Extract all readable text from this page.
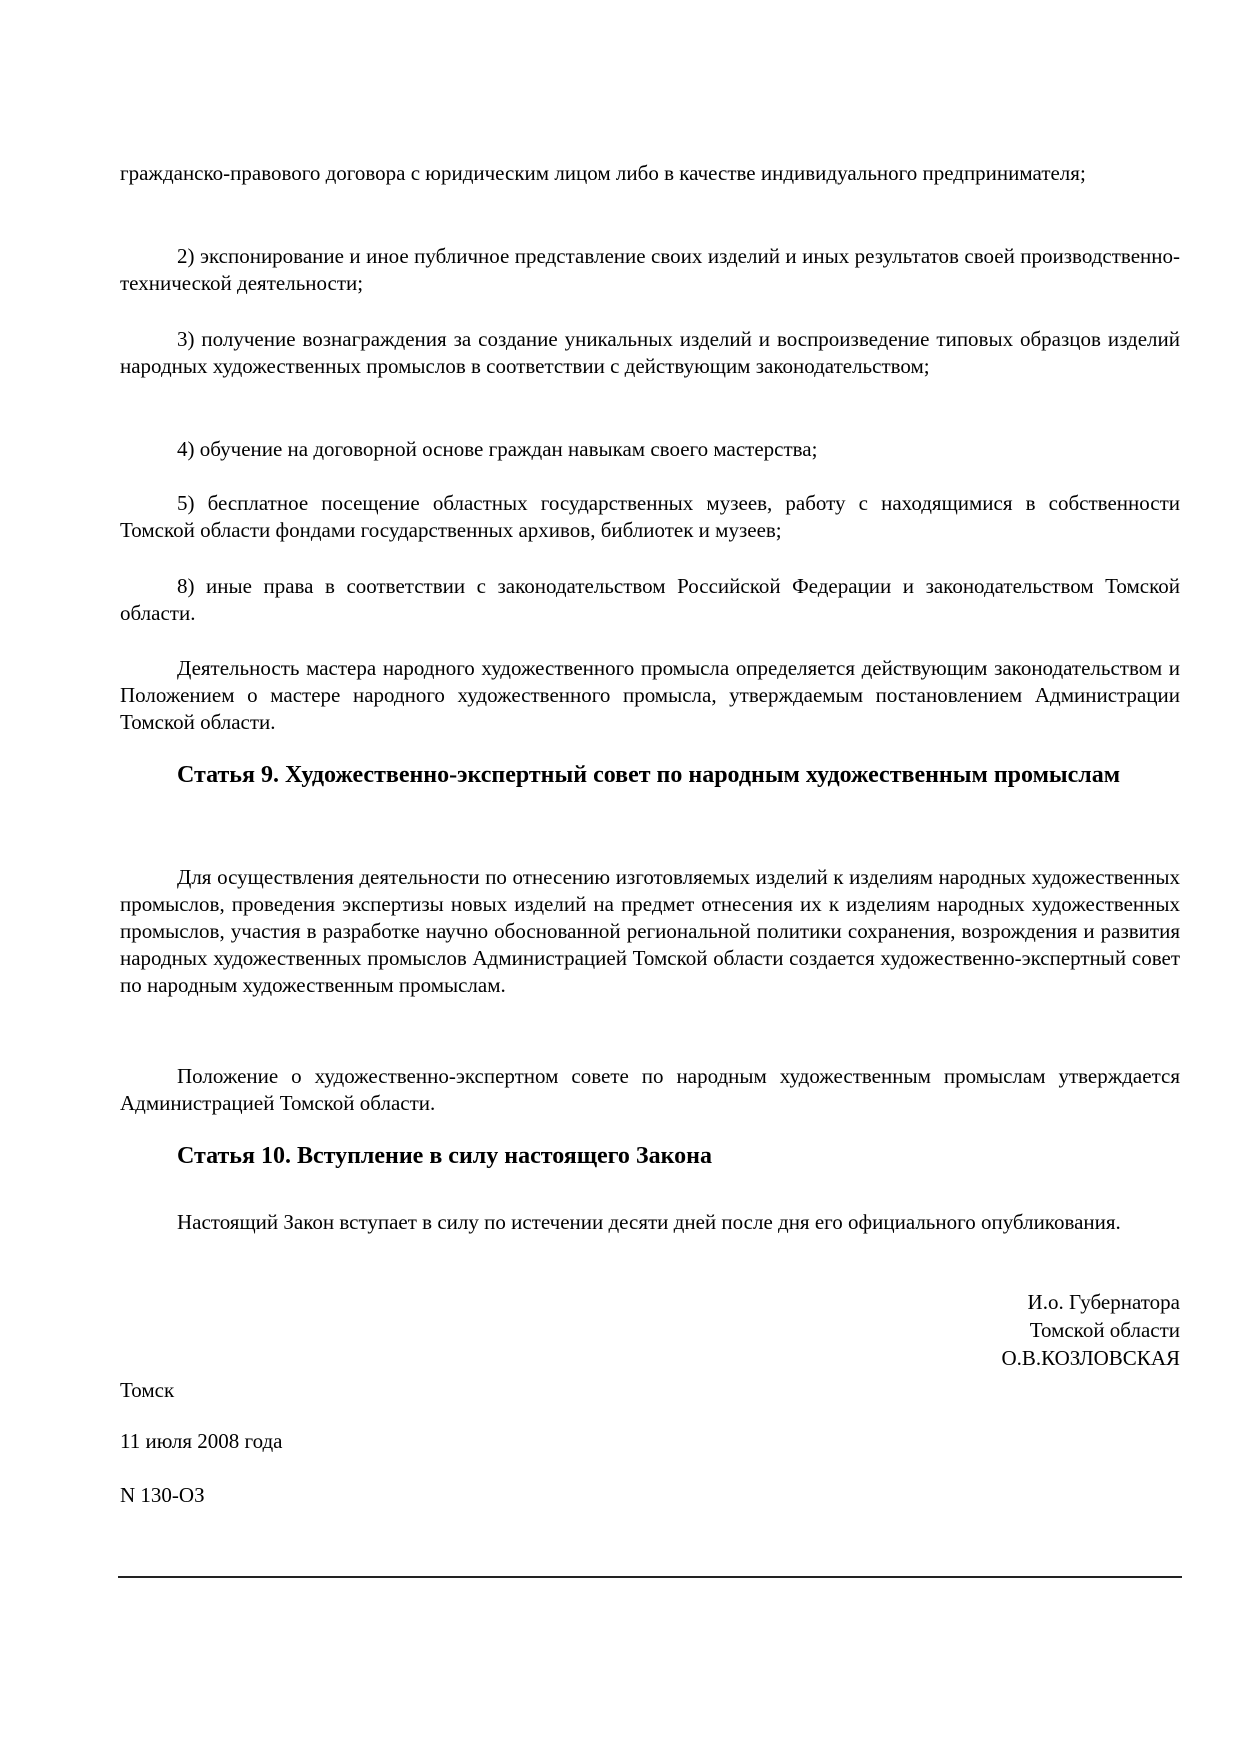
гражданско-правового договора с юридическим лицом либо в качестве индивидуального предпринимателя;

2) экспонирование и иное публичное представление своих изделий и иных результатов своей производственно-технической деятельности;

3) получение вознаграждения за создание уникальных изделий и воспроизведение типовых образцов изделий народных художественных промыслов в соответствии с действующим законодательством;

4) обучение на договорной основе граждан навыкам своего мастерства;

5) бесплатное посещение областных государственных музеев, работу с находящимися в собственности Томской области фондами государственных архивов, библиотек и музеев;

8) иные права в соответствии с законодательством Российской Федерации и законодательством Томской области.

Деятельность мастера народного художественного промысла определяется действующим законодательством и Положением о мастере народного художественного промысла, утверждаемым постановлением Администрации Томской области.

Статья 9. Художественно-экспертный совет по народным художественным промыслам

Для осуществления деятельности по отнесению изготовляемых изделий к изделиям народных художественных промыслов, проведения экспертизы новых изделий на предмет отнесения их к изделиям народных художественных промыслов, участия в разработке научно обоснованной региональной политики сохранения, возрождения и развития народных художественных промыслов Администрацией Томской области создается художественно-экспертный совет по народным художественным промыслам.

Положение о художественно-экспертном совете по народным художественным промыслам утверждается Администрацией Томской области.

Статья 10. Вступление в силу настоящего Закона

Настоящий Закон вступает в силу по истечении десяти дней после дня его официального опубликования.

И.о. Губернатора
Томской области
О.В.КОЗЛОВСКАЯ
Томск
11 июля 2008 года
N 130-ОЗ
